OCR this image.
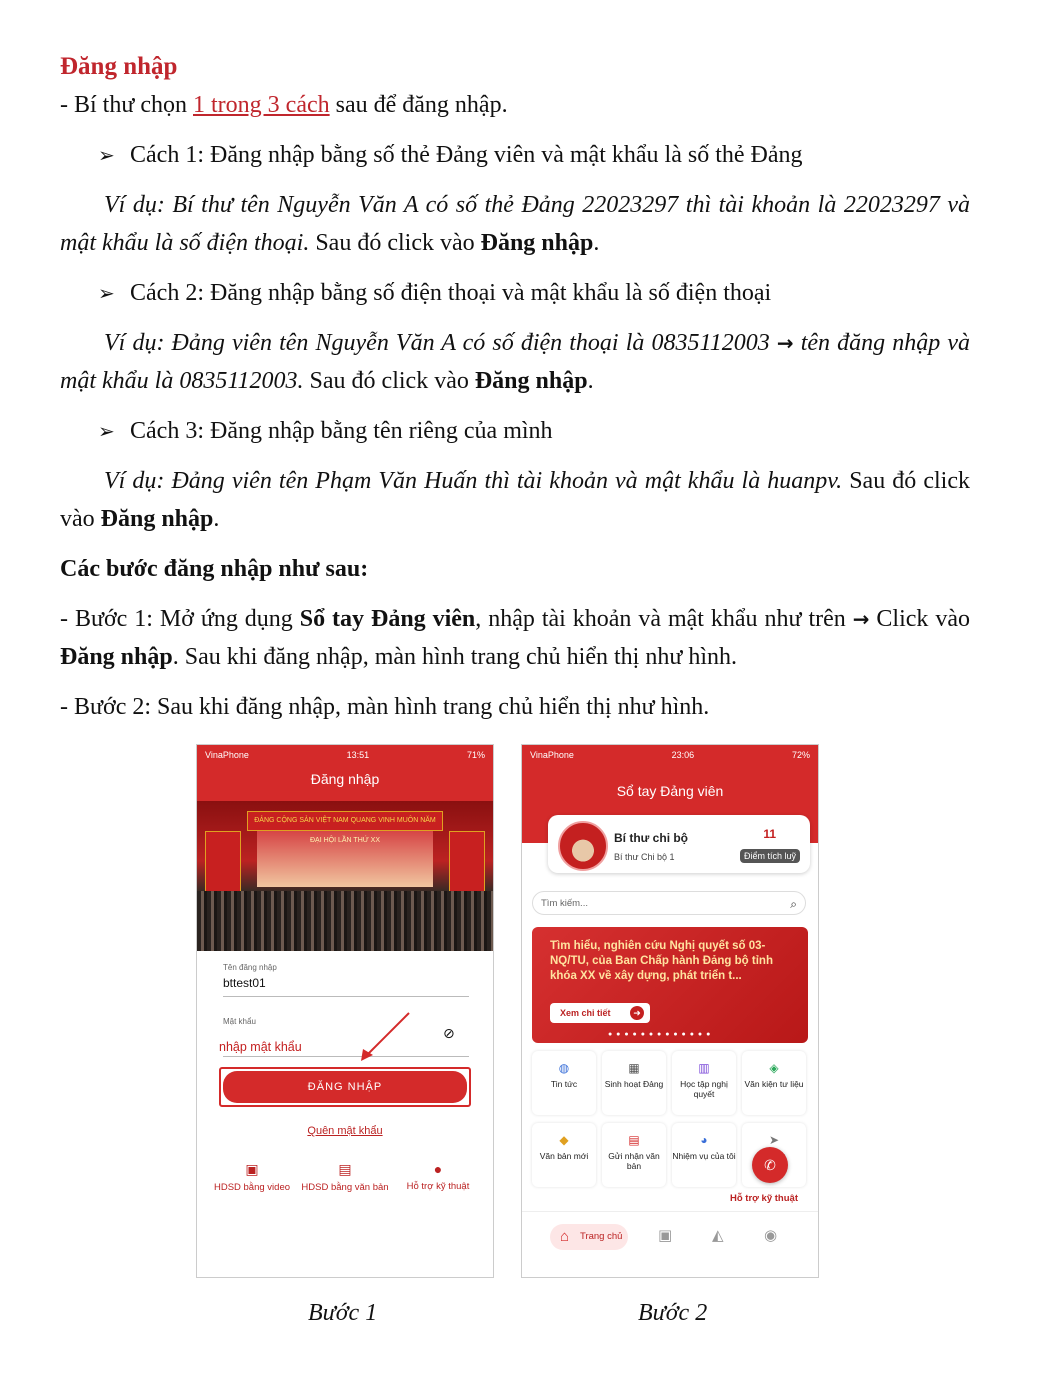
Đăng nhập

- Bí thư chọn 1 trong 3 cách sau để đăng nhập.

➢ Cách 1: Đăng nhập bằng số thẻ Đảng viên và mật khẩu là số thẻ Đảng

Ví dụ: Bí thư tên Nguyễn Văn A có số thẻ Đảng 22023297 thì tài khoản là 22023297 và mật khẩu là số điện thoại. Sau đó click vào Đăng nhập.

➢ Cách 2: Đăng nhập bằng số điện thoại và mật khẩu là số điện thoại

Ví dụ: Đảng viên tên Nguyễn Văn A có số điện thoại là 0835112003 → tên đăng nhập và mật khẩu là 0835112003. Sau đó click vào Đăng nhập.

➢ Cách 3: Đăng nhập bằng tên riêng của mình

Ví dụ: Đảng viên tên Phạm Văn Huấn thì tài khoản và mật khẩu là huanpv. Sau đó click vào Đăng nhập.

Các bước đăng nhập như sau:

- Bước 1: Mở ứng dụng Sổ tay Đảng viên, nhập tài khoản và mật khẩu như trên → Click vào Đăng nhập. Sau khi đăng nhập, màn hình trang chủ hiển thị như hình.

- Bước 2: Sau khi đăng nhập, màn hình trang chủ hiển thị như hình.

VinaPhone	13:51	71%
Đăng nhập
ĐẢNG CỘNG SẢN VIỆT NAM QUANG VINH MUÔN NĂM
ĐẠI HỘI LẦN THỨ XX
Tên đăng nhập
bttest01
Mật khẩu
nhập mật khẩu
⊘
ĐĂNG NHẬP
Quên mật khẩu
▣
HDSD bằng video
▤
HDSD bằng văn bản
●
Hỗ trợ kỹ thuật
VinaPhone	23:06	72%
Sổ tay Đảng viên
Bí thư chi bộ
Bí thư Chi bộ 1
11
Điểm tích luỹ
Tìm kiếm...	⌕
Tìm hiểu, nghiên cứu Nghị quyết số 03-NQ/TU, của Ban Chấp hành Đảng bộ tỉnh khóa XX về xây dựng, phát triển t...
➜
Xem chi tiết
● ● ● ● ● ● ● ● ● ● ● ● ●
◍
Tin tức
▦
Sinh hoạt Đảng
▥
Học tập nghị quyết
◈
Văn kiện tư liệu
◆
Văn bản mới
▤
Gửi nhận văn bản
◕
Nhiệm vụ của tôi
➤
✆
Hỗ trợ kỹ thuật
⌂ Trang chủ	▣	◭	◉
Bước 1	Bước 2
